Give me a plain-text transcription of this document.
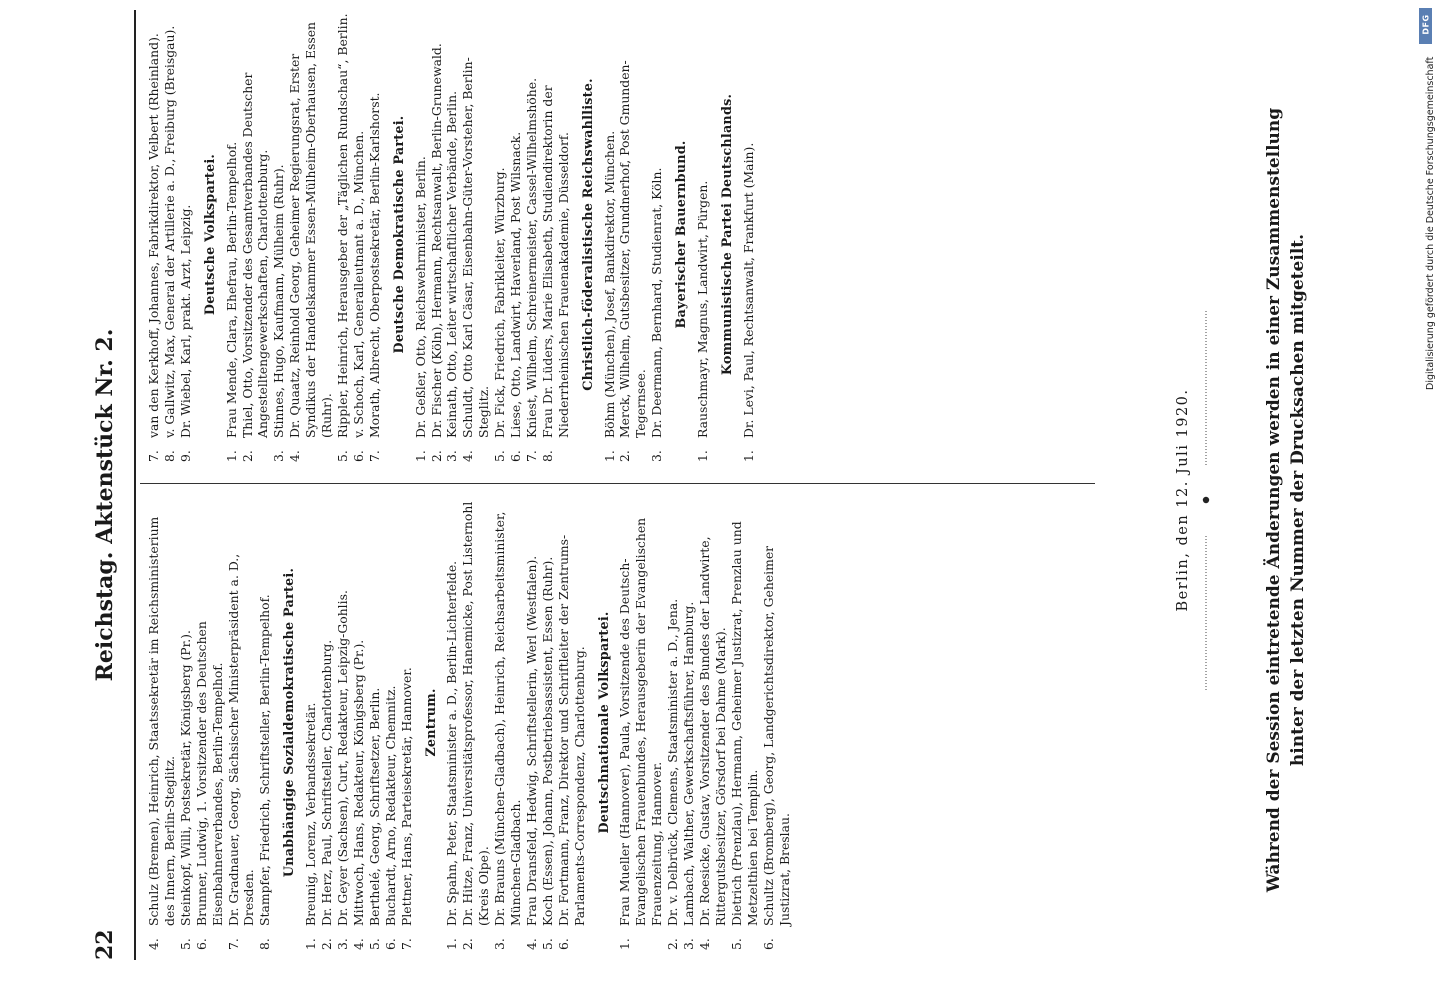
22
Reichstag. Aktenstück Nr. 2.
4.
Schulz (Bremen), Heinrich, Staatssekretär im Reichsministerium des Innern, Berlin-Steglitz.
5.
Steinkopf, Willi, Postsekretär, Königsberg (Pr.).
6.
Brunner, Ludwig, 1. Vorsitzender des Deutschen Eisenbahnerverbandes, Berlin-Tempelhof.
7.
Dr. Gradnauer, Georg, Sächsischer Ministerpräsident a. D., Dresden.
8.
Stampfer, Friedrich, Schriftsteller, Berlin-Tempelhof. Unabhängige Sozialdemokratische Partei.
1.
Breunig, Lorenz, Verbandssekretär.
2.
Dr. Herz, Paul, Schriftsteller, Charlottenburg.
3.
Dr. Geyer (Sachsen), Curt, Redakteur, Leipzig-Gohlis.
4.
Mittwoch, Hans, Redakteur, Königsberg (Pr.).
5.
Berthelé, Georg, Schriftsetzer, Berlin.
6.
Buchardt, Arno, Redakteur, Chemnitz.
7.
Plettner, Hans, Parteisekretär, Hannover. Zentrum.
1.
Dr. Spahn, Peter, Staatsminister a. D., Berlin-Lichterfelde.
2.
Dr. Hitze, Franz, Universitätsprofessor, Hanemicke, Post Listernohl (Kreis Olpe).
3.
Dr. Brauns (München-Gladbach), Heinrich, Reichsarbeitsminister, München-Gladbach.
4.
Frau Dransfeld, Hedwig, Schriftstellerin, Werl (Westfalen).
5.
Koch (Essen), Johann, Postbetriebsassistent, Essen (Ruhr).
6.
Dr. Fortmann, Franz, Direktor und Schriftleiter der Zentrums-Parlaments-Correspondenz, Charlottenburg. Deutschnationale Volkspartei.
1.
Frau Mueller (Hannover), Paula, Vorsitzende des Deutsch-Evangelischen Frauenbundes, Herausgeberin der Evangelischen Frauenzeitung, Hannover.
2.
Dr. v. Delbrück, Clemens, Staatsminister a. D., Jena.
3.
Lambach, Walther, Gewerkschaftsführer, Hamburg.
4.
Dr. Roesicke, Gustav, Vorsitzender des Bundes der Landwirte, Rittergutsbesitzer, Görsdorf bei Dahme (Mark).
5.
Dietrich (Prenzlau), Hermann, Geheimer Justizrat, Prenzlau und Metzelthien bei Templin.
6.
Schultz (Bromberg), Georg, Landgerichtsdirektor, Geheimer Justizrat, Breslau.
7.
van den Kerkhoff, Johannes, Fabrikdirektor, Velbert (Rheinland).
8.
v. Gallwitz, Max, General der Artillerie a. D., Freiburg (Breisgau).
9.
Dr. Wiebel, Karl, prakt. Arzt, Leipzig. Deutsche Volkspartei.
1.
Frau Mende, Clara, Ehefrau, Berlin-Tempelhof.
2.
Thiel, Otto, Vorsitzender des Gesamtverbandes Deutscher Angestelltengewerkschaften, Charlottenburg.
3.
Stinnes, Hugo, Kaufmann, Mülheim (Ruhr).
4.
Dr. Quaatz, Reinhold Georg, Geheimer Regierungsrat, Erster Syndikus der Handelskammer Essen-Mülheim-Oberhausen, Essen (Ruhr).
5.
Rippler, Heinrich, Herausgeber der „Täglichen Rundschau“, Berlin.
6.
v. Schoch, Karl, Generalleutnant a. D., München.
7.
Morath, Albrecht, Oberpostsekretär, Berlin-Karlshorst. Deutsche Demokratische Partei.
1.
Dr. Geßler, Otto, Reichswehrminister, Berlin.
2.
Dr. Fischer (Köln), Hermann, Rechtsanwalt, Berlin-Grunewald.
3.
Keinath, Otto, Leiter wirtschaftlicher Verbände, Berlin.
4.
Schuldt, Otto Karl Cäsar, Eisenbahn-Güter-Vorsteher, Berlin-Steglitz.
5.
Dr. Fick, Friedrich, Fabrikleiter, Würzburg.
6.
Liese, Otto, Landwirt, Haverland, Post Wilsnack.
7.
Kniest, Wilhelm, Schreinermeister, Cassel-Wilhelmshöhe.
8.
Frau Dr. Lüders, Marie Elisabeth, Studiendirektorin der Niederrheinischen Frauenakademie, Düsseldorf. Christlich-föderalistische Reichswahlliste.
1.
Böhm (München), Josef, Bankdirektor, München.
2.
Merck, Wilhelm, Gutsbesitzer, Grundnerhof, Post Gmunden-Tegernsee.
3.
Dr. Deermann, Bernhard, Studienrat, Köln. Bayerischer Bauernbund.
1.
Rauschmayr, Magnus, Landwirt, Pürgen. Kommunistische Partei Deutschlands.
1.
Dr. Levi, Paul, Rechtsanwalt, Frankfurt (Main).
Berlin, den 12. Juli 1920.	Während der Session eintretende Änderungen werden in einer Zusammenstellung hinter der letzten Nummer der Drucksachen mitgeteilt.

DFG
Digitalisierung gefördert durch die Deutsche Forschungsgemeinschaft
